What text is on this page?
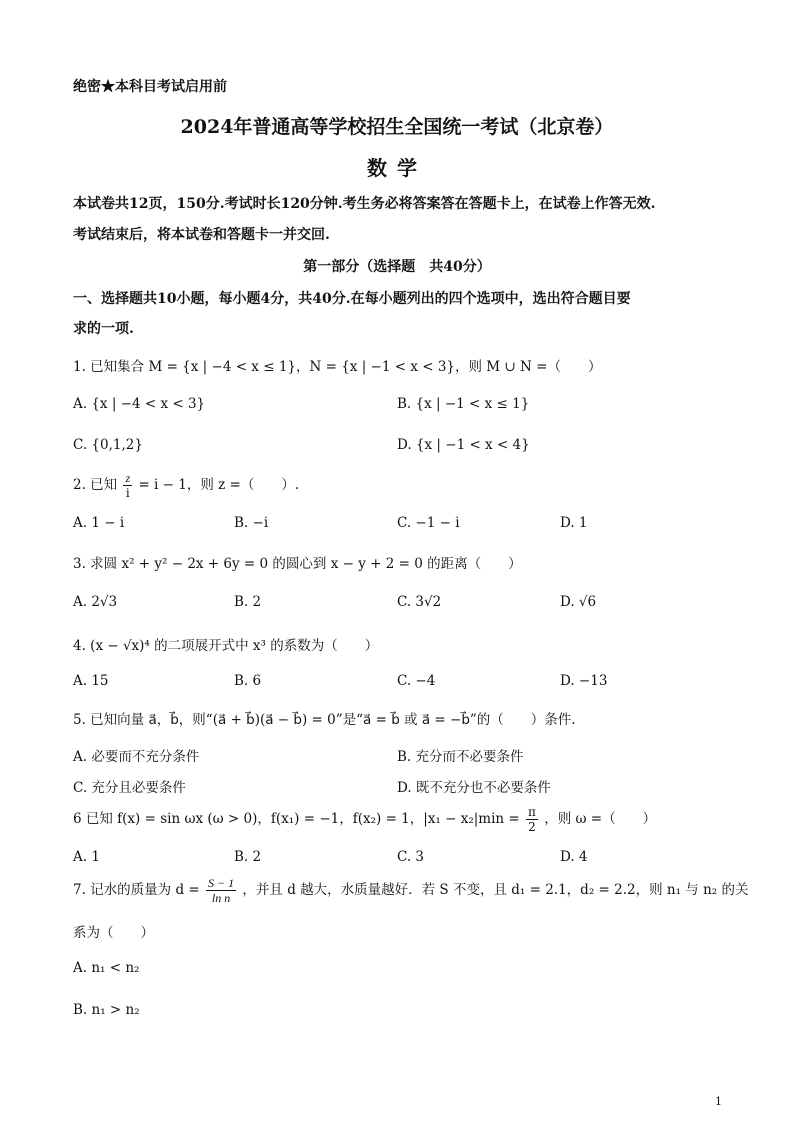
绝密★本科目考试启用前
2024年普通高等学校招生全国统一考试（北京卷）
数学
本试卷共12页，150分.考试时长120分钟.考生务必将答案答在答题卡上，在试卷上作答无效.
考试结束后，将本试卷和答题卡一并交回.
第一部分（选择题　共40分）
一、选择题共10小题，每小题4分，共40分.在每小题列出的四个选项中，选出符合题目要
求的一项.
1. 已知集合 M = {x | −4 < x ≤ 1}，N = {x | −1 < x < 3}，则 M ∪ N =（　　）
A. {x | −4 < x < 3}	B. {x | −1 < x ≤ 1}
C. {0,1,2}	D. {x | −1 < x < 4}
2. 已知 $\frac{z}{i} = i - 1$，则 z =（　　）.
A. 1 − i	B. −i	C. −1 − i	D. 1
3. 求圆 x² + y² − 2x + 6y = 0 的圆心到 x − y + 2 = 0 的距离（　　）
A. 2√3	B. 2	C. 3√2	D. √6
4. (x − √x)⁴ 的二项展开式中 x³ 的系数为（　　）
A. 15	B. 6	C. −4	D. −13
5. 已知向量 a⃗，b⃗，则“(a⃗ + b⃗)(a⃗ − b⃗) = 0”是“a⃗ = b⃗ 或 a⃗ = −b⃗”的（　　）条件.
A. 必要而不充分条件	B. 充分而不必要条件
C. 充分且必要条件	D. 既不充分也不必要条件
6 已知 f(x) = sin ωx (ω > 0)，f(x₁) = −1，f(x₂) = 1，$|x_1 - x_2|\min = \frac{\pi}{2}$ ，则 ω =（　　）
A. 1	B. 2	C. 3	D. 4
7. 记水的质量为 $d = \frac{S - 1}{\text{ln n}}$ ，并且 d 越大，水质量越好．若 S 不变，且 d₁ = 2.1，d₂ = 2.2，则 n₁ 与 n₂ 的关
系为（　　）
A. n₁ < n₂
B. n₁ > n₂
1
